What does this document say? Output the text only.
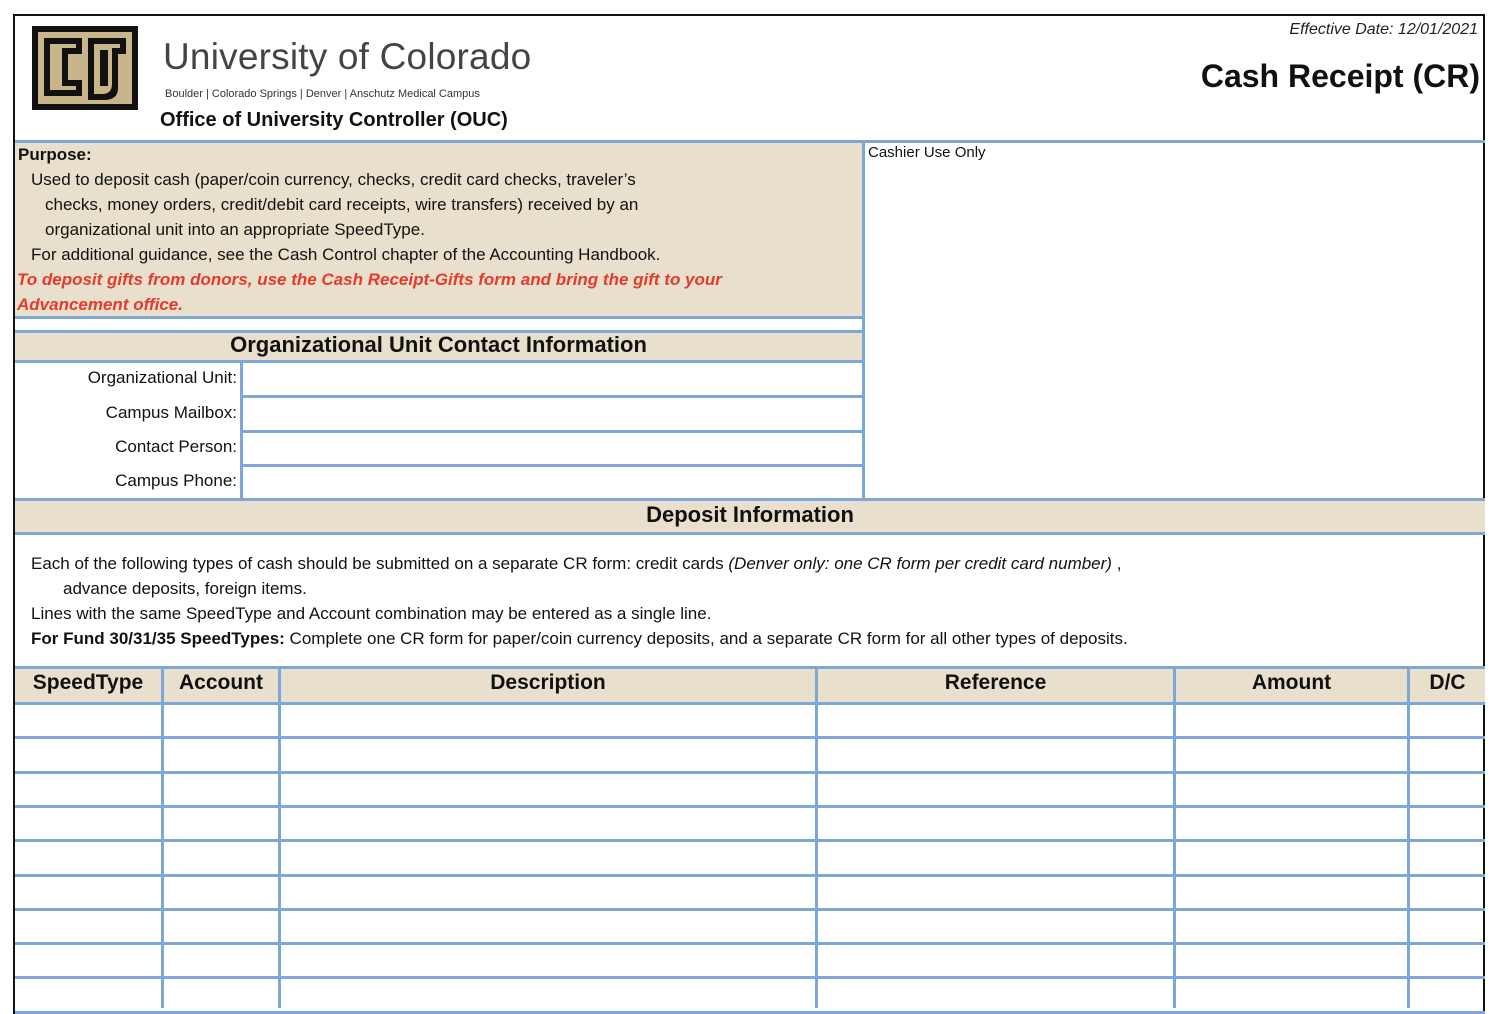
University of Colorado
Boulder | Colorado Springs | Denver | Anschutz Medical Campus
Office of University Controller (OUC)
Effective Date: 12/01/2021
Cash Receipt (CR)
Purpose:
Used to deposit cash (paper/coin currency, checks, credit card checks, traveler’s
checks, money orders, credit/debit card receipts, wire transfers) received by an
organizational unit into an appropriate SpeedType.
For additional guidance, see the Cash Control chapter of the Accounting Handbook.
To deposit gifts from donors, use the Cash Receipt-Gifts form and bring the gift to your
Advancement office.
Cashier Use Only
Organizational Unit Contact Information
Organizational Unit:
Campus Mailbox:
Contact Person:
Campus Phone:
Deposit Information
Each of the following types of cash should be submitted on a separate CR form: credit cards (Denver only: one CR form per credit card number) ,
advance deposits, foreign items.
Lines with the same SpeedType and Account combination may be entered as a single line.
For Fund 30/31/35 SpeedTypes: Complete one CR form for paper/coin currency deposits, and a separate CR form for all other types of deposits.
SpeedType	Account	Description	Reference	Amount	D/C
